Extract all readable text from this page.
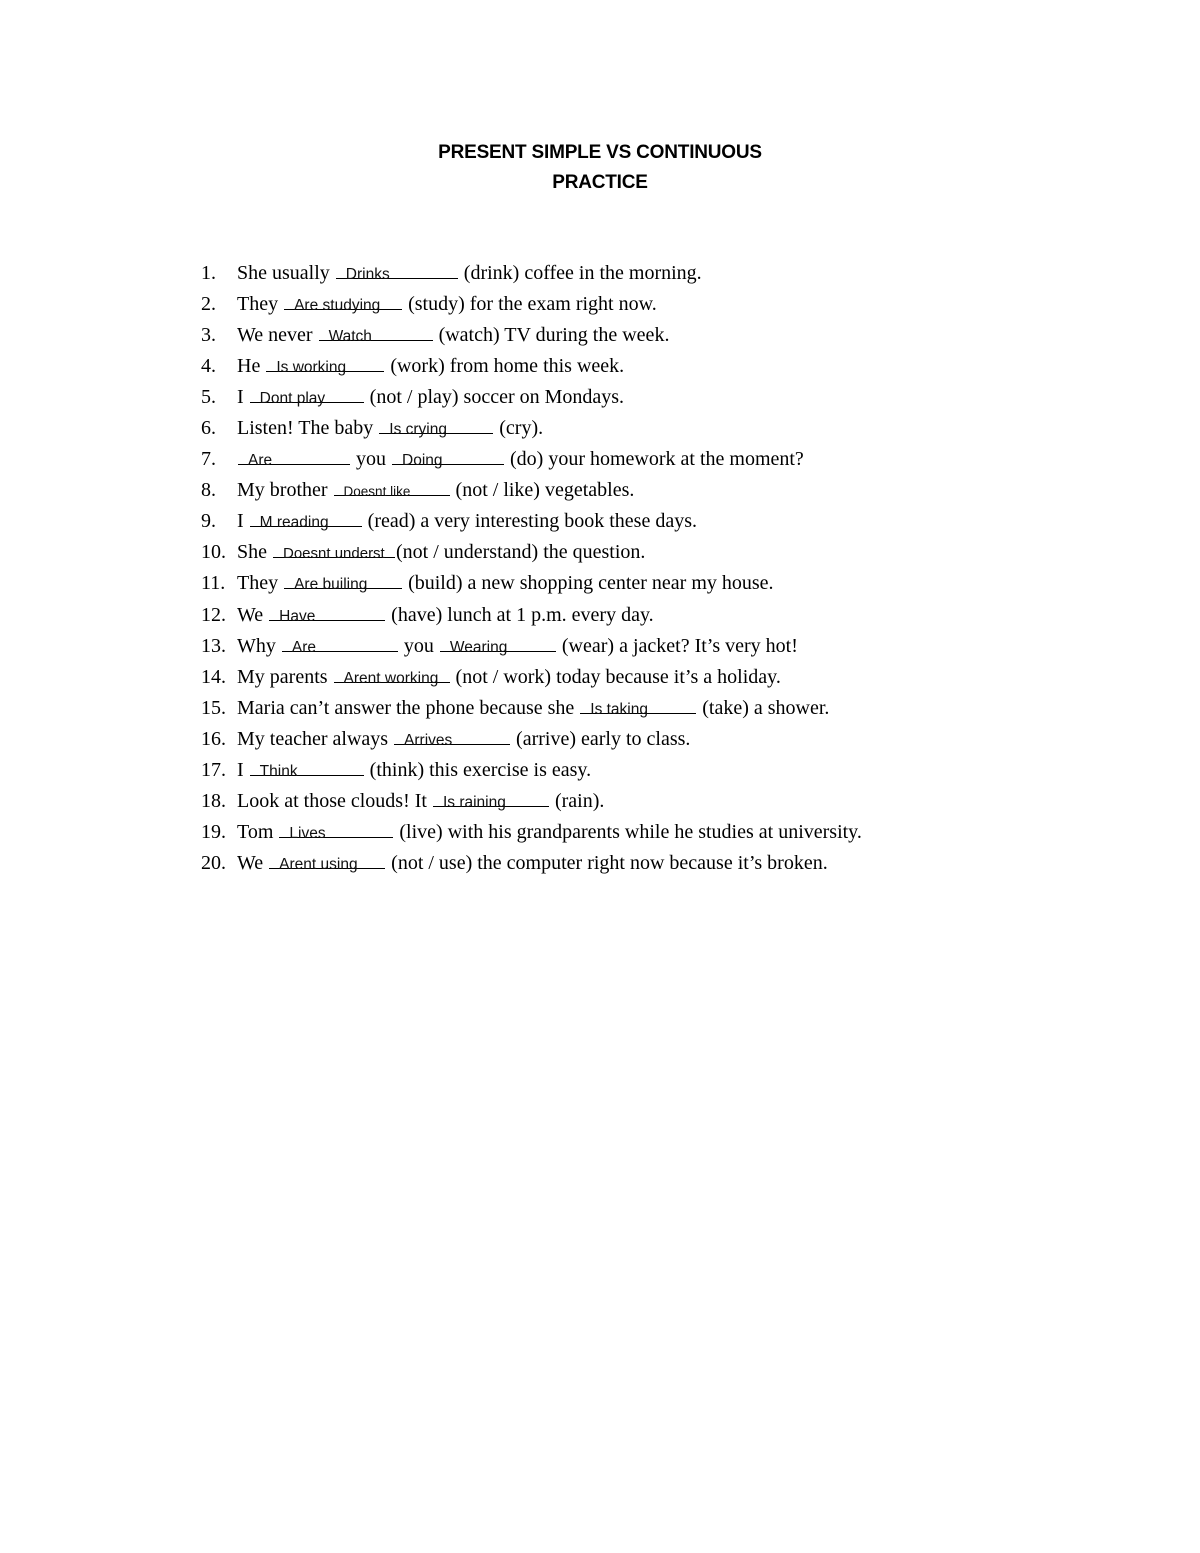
PRESENT SIMPLE VS CONTINUOUS
PRACTICE
1. She usually Drinks	(drink) coffee in the morning.
2. They Are studying (study) for the exam right now.
3. We never Watch	(watch) TV during the week.
4. He Is working (work) from home this week.
5. I Dont play (not / play) soccer on Mondays.
6. Listen! The baby Is crying	(cry).
7. Are	you Doing	(do) your homework at the moment?
8. My brother Doesnt like (not / like) vegetables.
9. I M reading (read) a very interesting book these days.
10. She Doesnt underst (not / understand) the question.
11. They Are builing (build) a new shopping center near my house.
12. We Have	(have) lunch at 1 p.m. every day.
13. Why Are	you Wearing	(wear) a jacket? It’s very hot!
14. My parents Arent working (not / work) today because it’s a holiday.
15. Maria can’t answer the phone because she Is taking	(take) a shower.
16. My teacher always Arrives	(arrive) early to class.
17. I Think	(think) this exercise is easy.
18. Look at those clouds! It Is raining (rain).
19. Tom Lives	(live) with his grandparents while he studies at university.
20. We Arent using (not / use) the computer right now because it’s broken.
